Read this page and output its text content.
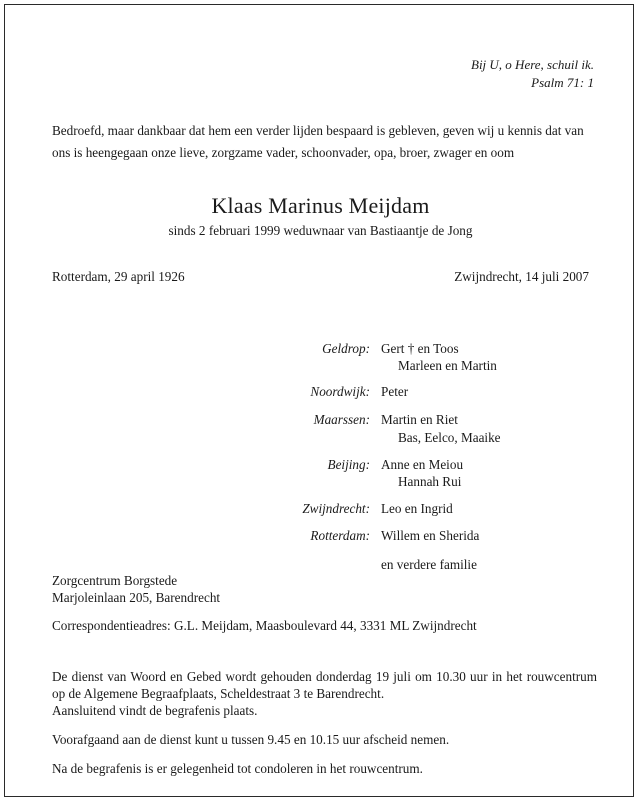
Bij U, o Here, schuil ik.
Psalm 71: 1
Bedroefd, maar dankbaar dat hem een verder lijden bespaard is gebleven, geven wij u kennis dat van ons is heengegaan onze lieve, zorgzame vader, schoonvader, opa, broer, zwager en oom
Klaas Marinus Meijdam
sinds 2 februari 1999 weduwnaar van Bastiaantje de Jong
Rotterdam, 29 april 1926	Zwijndrecht, 14 juli 2007
Geldrop: Gert † en Toos
Marleen en Martin
Noordwijk: Peter
Maarssen: Martin en Riet
Bas, Eelco, Maaike
Beijing: Anne en Meiou
Hannah Rui
Zwijndrecht: Leo en Ingrid
Rotterdam: Willem en Sherida
en verdere familie
Zorgcentrum Borgstede
Marjoleinlaan 205, Barendrecht
Correspondentieadres: G.L. Meijdam, Maasboulevard 44, 3331 ML Zwijndrecht
De dienst van Woord en Gebed wordt gehouden donderdag 19 juli om 10.30 uur in het rouwcentrum op de Algemene Begraafplaats, Scheldestraat 3 te Barendrecht.
Aansluitend vindt de begrafenis plaats.
Voorafgaand aan de dienst kunt u tussen 9.45 en 10.15 uur afscheid nemen.
Na de begrafenis is er gelegenheid tot condoleren in het rouwcentrum.
